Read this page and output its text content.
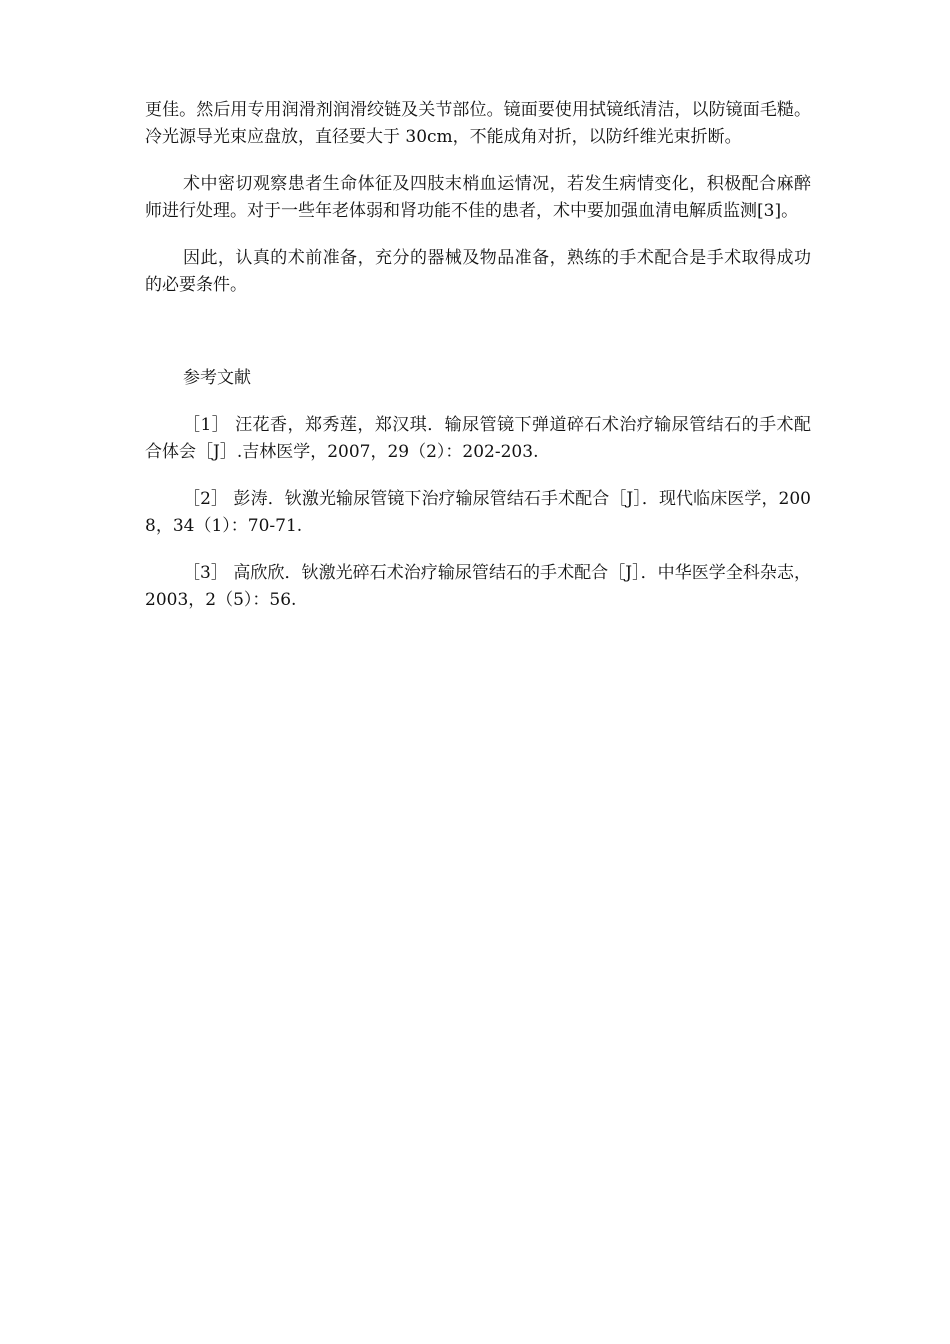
更佳。然后用专用润滑剂润滑绞链及关节部位。镜面要使用拭镜纸清洁，以防镜面毛糙。冷光源导光束应盘放，直径要大于 30cm，不能成角对折，以防纤维光束折断。

术中密切观察患者生命体征及四肢末梢血运情况，若发生病情变化，积极配合麻醉师进行处理。对于一些年老体弱和肾功能不佳的患者，术中要加强血清电解质监测[3]。

因此，认真的术前准备，充分的器械及物品准备，熟练的手术配合是手术取得成功的必要条件。

参考文献

［1］ 汪花香，郑秀莲，郑汉琪．输尿管镜下弹道碎石术治疗输尿管结石的手术配合体会［J］.吉林医学，2007，29（2）：202-203.

［2］ 彭涛．钬激光输尿管镜下治疗输尿管结石手术配合［J］．现代临床医学，2008，34（1）：70-71.

［3］ 高欣欣．钬激光碎石术治疗输尿管结石的手术配合［J］．中华医学全科杂志，2003，2（5）：56.
